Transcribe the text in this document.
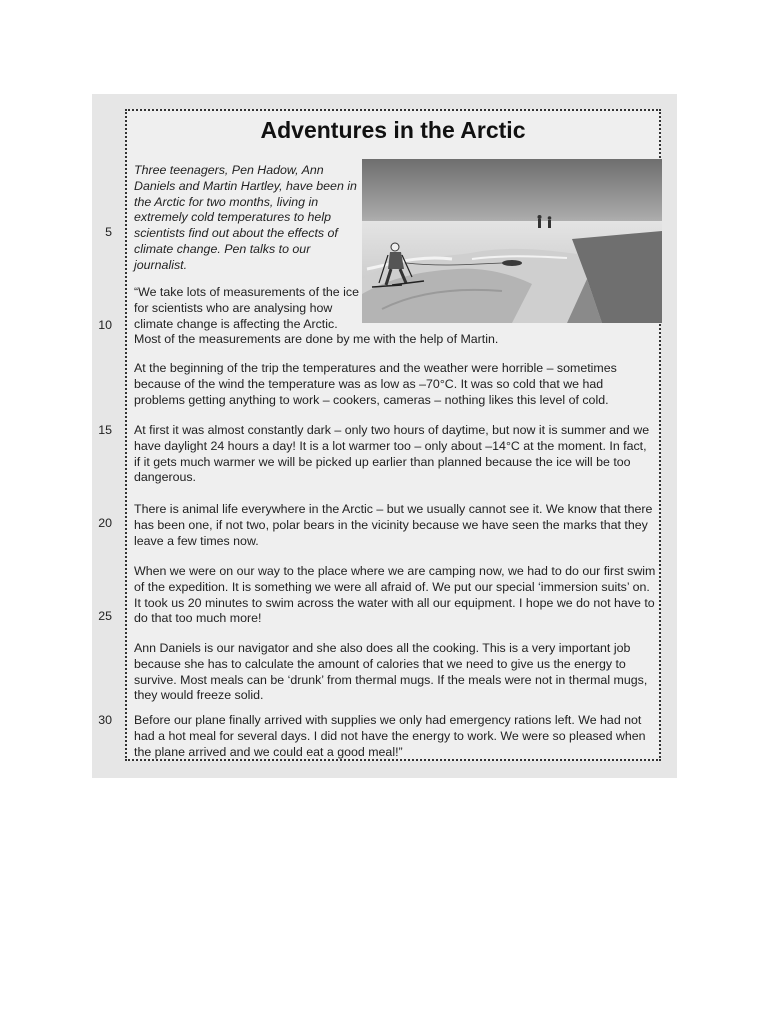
Adventures in the Arctic

Three teenagers, Pen Hadow, Ann Daniels and Martin Hartley, have been in the Arctic for two months, living in extremely cold temperatures to help scientists find out about the effects of climate change. Pen talks to our journalist.

“We take lots of measurements of the ice for scientists who are analysing how climate change is affecting the Arctic.

Most of the measurements are done by me with the help of Martin.

At the beginning of the trip the temperatures and the weather were horrible – sometimes because of the wind the temperature was as low as –70°C. It was so cold that we had problems getting anything to work – cookers, cameras – nothing likes this level of cold.

At first it was almost constantly dark – only two hours of daytime, but now it is summer and we have daylight 24 hours a day! It is a lot warmer too – only about –14°C at the moment. In fact, if it gets much warmer we will be picked up earlier than planned because the ice will be too dangerous.

There is animal life everywhere in the Arctic – but we usually cannot see it. We know that there has been one, if not two, polar bears in the vicinity because we have seen the marks that they leave a few times now.

When we were on our way to the place where we are camping now, we had to do our first swim of the expedition. It is something we were all afraid of. We put our special ‘immersion suits’ on. It took us 20 minutes to swim across the water with all our equipment. I hope we do not have to do that too much more!

Ann Daniels is our navigator and she also does all the cooking. This is a very important job because she has to calculate the amount of calories that we need to give us the energy to survive. Most meals can be ‘drunk’ from thermal mugs. If the meals were not in thermal mugs, they would freeze solid.

Before our plane finally arrived with supplies we only had emergency rations left. We had not had a hot meal for several days. I did not have the energy to work. We were so pleased when the plane arrived and we could eat a good meal!”

5
10
15
20
25
30
